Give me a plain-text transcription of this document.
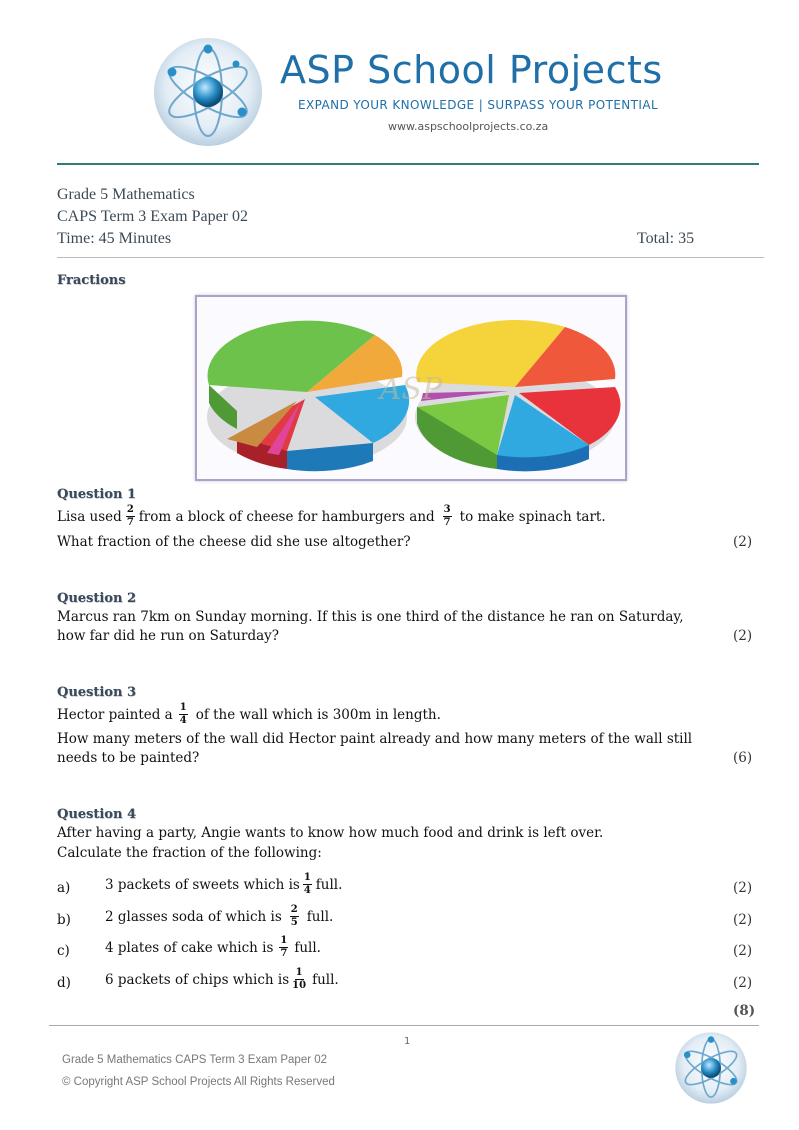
ASP School Projects
EXPAND YOUR KNOWLEDGE | SURPASS YOUR POTENTIAL
www.aspschoolprojects.co.za
Grade 5 Mathematics
CAPS Term 3 Exam Paper 02
Time: 45 Minutes	Total: 35
Fractions
ASP
Question 1
Lisa used $\frac{2}{7}$ from a block of cheese for hamburgers and $\frac{3}{7}$ to make spinach tart.
What fraction of the cheese did she use altogether?	(2)
Question 2
Marcus ran 7km on Sunday morning. If this is one third of the distance he ran on Saturday,
how far did he run on Saturday?	(2)
Question 3
Hector painted a $\frac{1}{4}$ of the wall which is 300m in length.
How many meters of the wall did Hector paint already and how many meters of the wall still
needs to be painted?	(6)
Question 4
After having a party, Angie wants to know how much food and drink is left over.
Calculate the fraction of the following:
a)	3 packets of sweets which is $\frac{1}{4}$ full.	(2)
b)	2 glasses soda of which is $\frac{2}{5}$ full.	(2)
c)	4 plates of cake which is $\frac{1}{7}$ full.	(2)
d)	6 packets of chips which is $\frac{1}{10}$ full.	(2)
(8)
1
Grade 5 Mathematics CAPS Term 3 Exam Paper 02
© Copyright ASP School Projects All Rights Reserved
